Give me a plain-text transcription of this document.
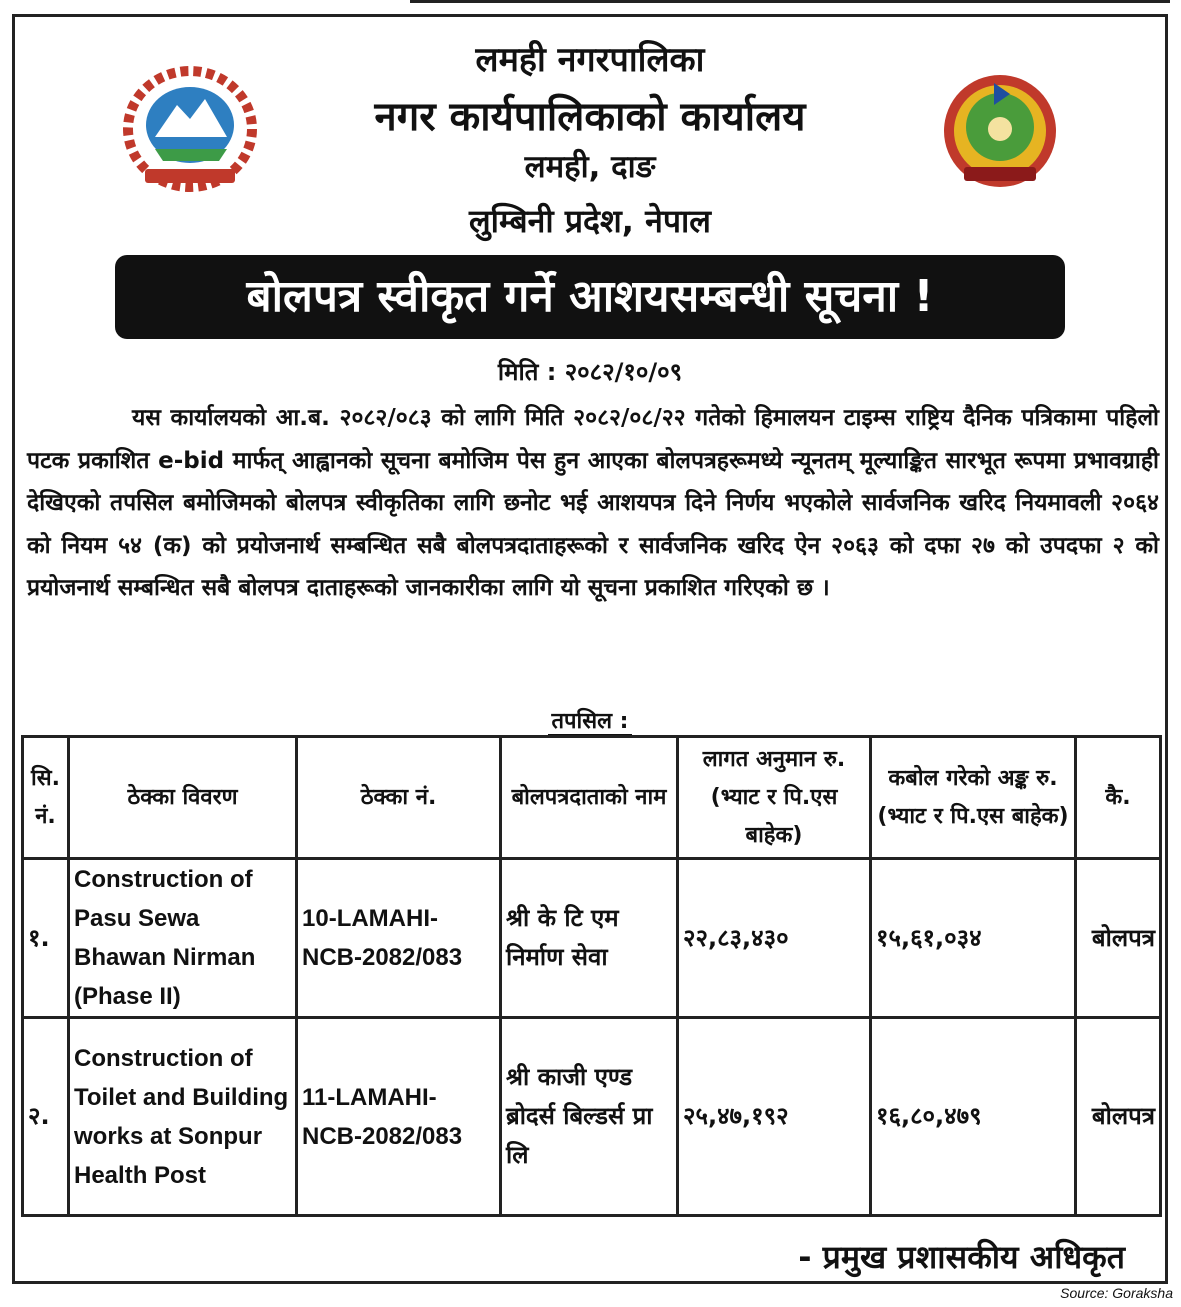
लमही नगरपालिका
नगर कार्यपालिकाको कार्यालय
लमही, दाङ
लुम्बिनी प्रदेश, नेपाल
बोलपत्र स्वीकृत गर्ने आशयसम्बन्धी सूचना !
मिति : २०८२/१०/०९

यस कार्यालयको आ.ब. २०८२/०८३ को लागि मिति २०८२/०८/२२ गतेको हिमालयन टाइम्स राष्ट्रिय दैनिक पत्रिकामा पहिलो पटक प्रकाशित e-bid मार्फत् आह्वानको सूचना बमोजिम पेस हुन आएका बोलपत्रहरूमध्ये न्यूनतम् मूल्याङ्कित सारभूत रूपमा प्रभावग्राही देखिएको तपसिल बमोजिमको बोलपत्र स्वीकृतिका लागि छनोट भई आशयपत्र दिने निर्णय भएकोले सार्वजनिक खरिद नियमावली २०६४ को नियम ५४ (क) को प्रयोजनार्थ सम्बन्धित सबै बोलपत्रदाताहरूको र सार्वजनिक खरिद ऐन २०६३ को दफा २७ को उपदफा २ को प्रयोजनार्थ सम्बन्धित सबै बोलपत्र दाताहरूको जानकारीका लागि यो सूचना प्रकाशित गरिएको छ ।

तपसिल :
सि. नं.	ठेक्का विवरण	ठेक्का नं.	बोलपत्रदाताको नाम	लागत अनुमान रु.(भ्याट र पि.एस बाहेक)	कबोल गरेको अङ्क रु.(भ्याट र पि.एस बाहेक)	कै.
१.	Construction of Pasu Sewa Bhawan Nirman (Phase II)	10-LAMAHI-NCB-2082/083	श्री के टि एम निर्माण सेवा	२२,८३,४३०	१५,६१,०३४	बोलपत्र
२.	Construction of Toilet and Building works at Sonpur Health Post	11-LAMAHI-NCB-2082/083	श्री काजी एण्ड ब्रोदर्स बिल्डर्स प्रा लि	२५,४७,१९२	१६,८०,४७९	बोलपत्र
- प्रमुख प्रशासकीय अधिकृत
Source: Goraksha
